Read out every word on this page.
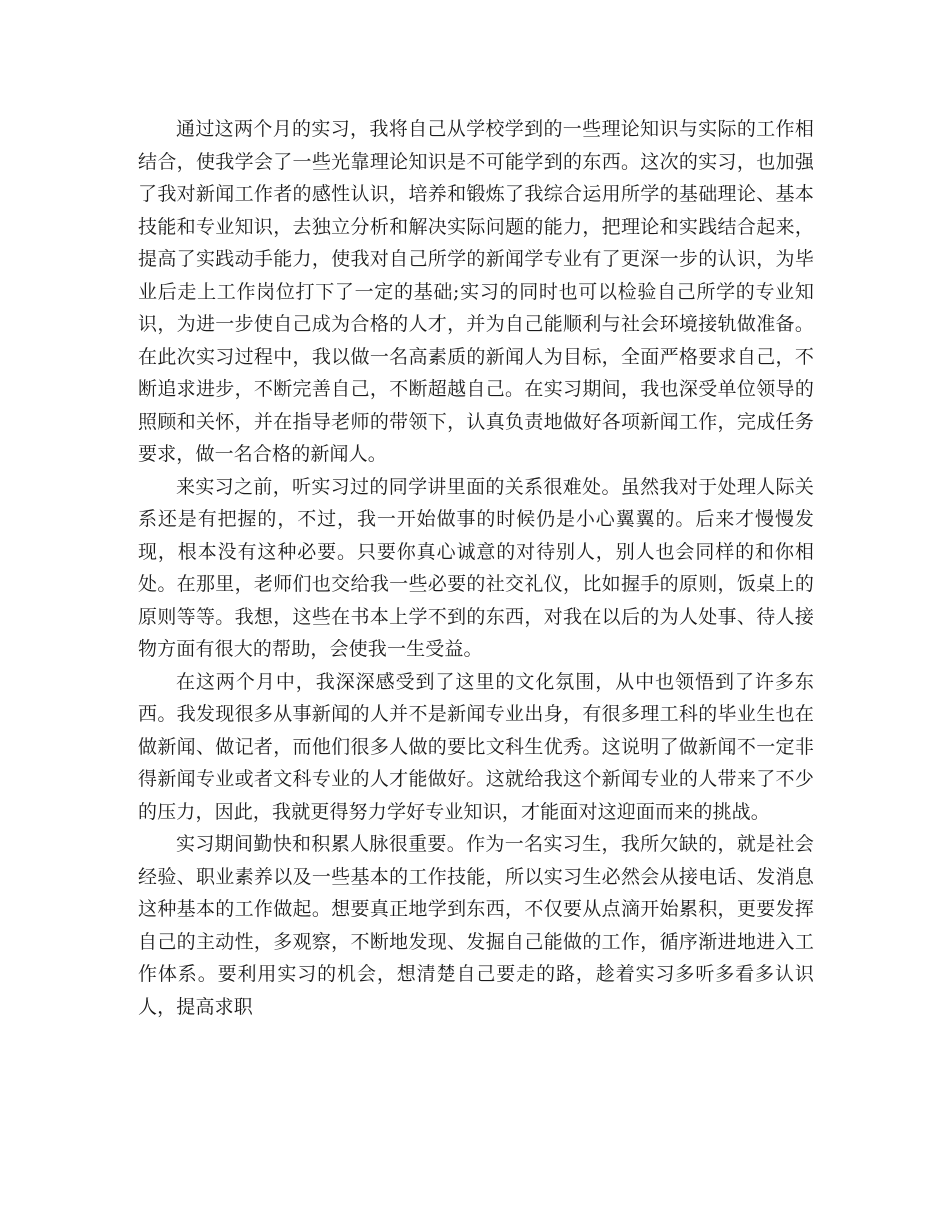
通过这两个月的实习，我将自己从学校学到的一些理论知识与实际的工作相结合，使我学会了一些光靠理论知识是不可能学到的东西。这次的实习，也加强了我对新闻工作者的感性认识，培养和锻炼了我综合运用所学的基础理论、基本技能和专业知识，去独立分析和解决实际问题的能力，把理论和实践结合起来，提高了实践动手能力，使我对自己所学的新闻学专业有了更深一步的认识，为毕业后走上工作岗位打下了一定的基础;实习的同时也可以检验自己所学的专业知识，为进一步使自己成为合格的人才，并为自己能顺利与社会环境接轨做准备。在此次实习过程中，我以做一名高素质的新闻人为目标，全面严格要求自己，不断追求进步，不断完善自己，不断超越自己。在实习期间，我也深受单位领导的照顾和关怀，并在指导老师的带领下，认真负责地做好各项新闻工作，完成任务要求，做一名合格的新闻人。

来实习之前，听实习过的同学讲里面的关系很难处。虽然我对于处理人际关系还是有把握的，不过，我一开始做事的时候仍是小心翼翼的。后来才慢慢发现，根本没有这种必要。只要你真心诚意的对待别人，别人也会同样的和你相处。在那里，老师们也交给我一些必要的社交礼仪，比如握手的原则，饭桌上的原则等等。我想，这些在书本上学不到的东西，对我在以后的为人处事、待人接物方面有很大的帮助，会使我一生受益。

在这两个月中，我深深感受到了这里的文化氛围，从中也领悟到了许多东西。我发现很多从事新闻的人并不是新闻专业出身，有很多理工科的毕业生也在做新闻、做记者，而他们很多人做的要比文科生优秀。这说明了做新闻不一定非得新闻专业或者文科专业的人才能做好。这就给我这个新闻专业的人带来了不少的压力，因此，我就更得努力学好专业知识，才能面对这迎面而来的挑战。

实习期间勤快和积累人脉很重要。作为一名实习生，我所欠缺的，就是社会经验、职业素养以及一些基本的工作技能，所以实习生必然会从接电话、发消息这种基本的工作做起。想要真正地学到东西，不仅要从点滴开始累积，更要发挥自己的主动性，多观察，不断地发现、发掘自己能做的工作，循序渐进地进入工作体系。要利用实习的机会，想清楚自己要走的路，趁着实习多听多看多认识人，提高求职
